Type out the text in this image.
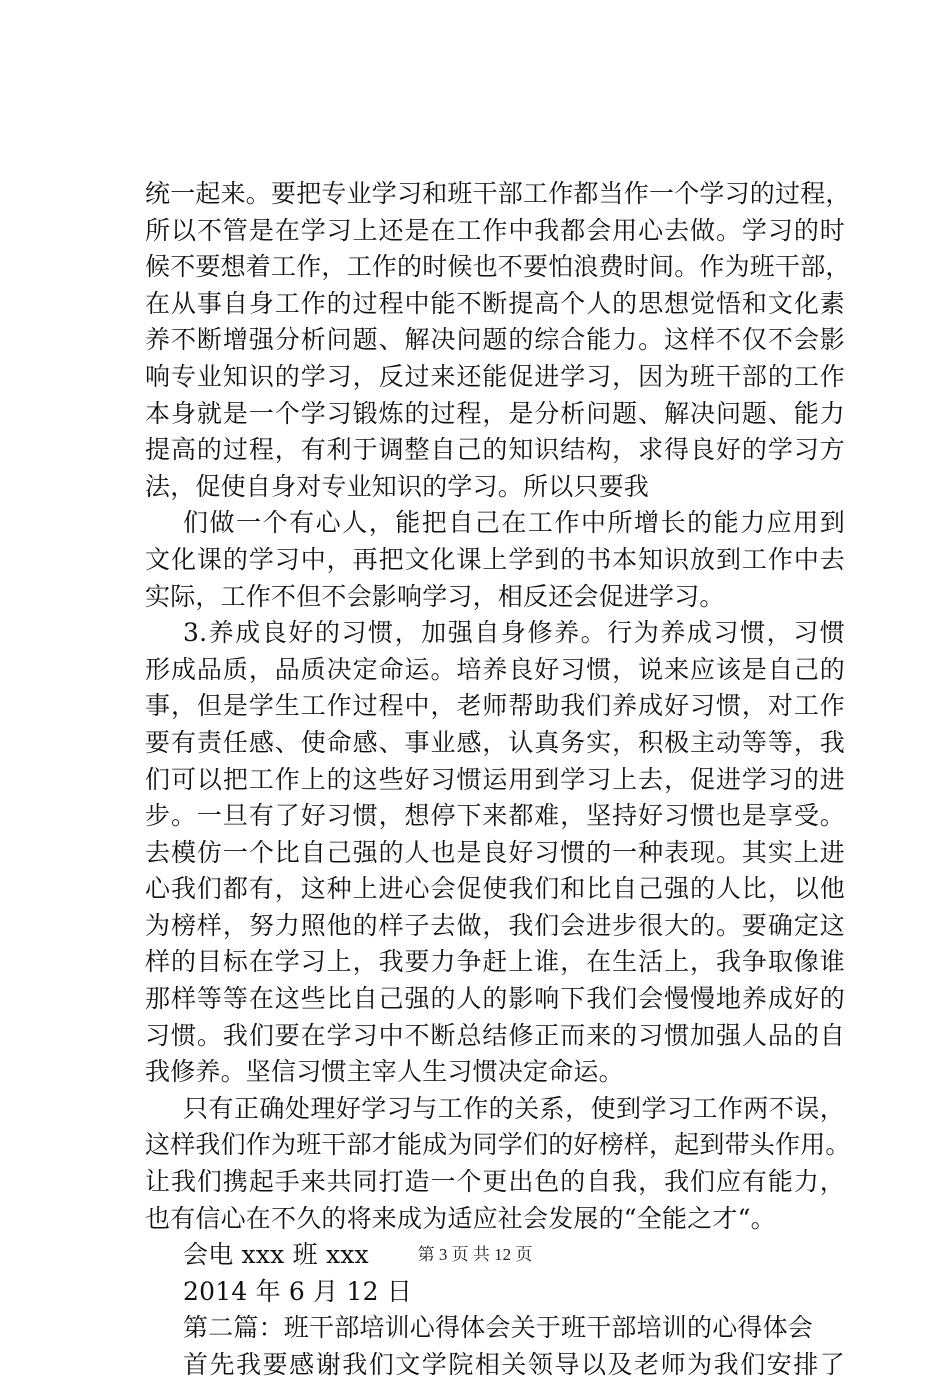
统一起来。要把专业学习和班干部工作都当作一个学习的过程，
所以不管是在学习上还是在工作中我都会用心去做。学习的时
候不要想着工作，工作的时候也不要怕浪费时间。作为班干部，
在从事自身工作的过程中能不断提高个人的思想觉悟和文化素
养不断增强分析问题、解决问题的综合能力。这样不仅不会影
响专业知识的学习，反过来还能促进学习，因为班干部的工作
本身就是一个学习锻炼的过程，是分析问题、解决问题、能力
提高的过程，有利于调整自己的知识结构，求得良好的学习方
法，促使自身对专业知识的学习。所以只要我
们做一个有心人，能把自己在工作中所增长的能力应用到
文化课的学习中，再把文化课上学到的书本知识放到工作中去
实际，工作不但不会影响学习，相反还会促进学习。
3.养成良好的习惯，加强自身修养。行为养成习惯，习惯
形成品质，品质决定命运。培养良好习惯，说来应该是自己的
事，但是学生工作过程中，老师帮助我们养成好习惯，对工作
要有责任感、使命感、事业感，认真务实，积极主动等等，我
们可以把工作上的这些好习惯运用到学习上去，促进学习的进
步。一旦有了好习惯，想停下来都难，坚持好习惯也是享受。
去模仿一个比自己强的人也是良好习惯的一种表现。其实上进
心我们都有，这种上进心会促使我们和比自己强的人比，以他
为榜样，努力照他的样子去做，我们会进步很大的。要确定这
样的目标在学习上，我要力争赶上谁，在生活上，我争取像谁
那样等等在这些比自己强的人的影响下我们会慢慢地养成好的
习惯。我们要在学习中不断总结修正而来的习惯加强人品的自
我修养。坚信习惯主宰人生习惯决定命运。
只有正确处理好学习与工作的关系，使到学习工作两不误，
这样我们作为班干部才能成为同学们的好榜样，起到带头作用。
让我们携起手来共同打造一个更出色的自我，我们应有能力，
也有信心在不久的将来成为适应社会发展的“全能之才“。
会电 xxx 班 xxx
2014 年 6 月 12 日
第二篇：班干部培训心得体会关于班干部培训的心得体会
首先我要感谢我们文学院相关领导以及老师为我们安排了
第 3 页 共 12 页
